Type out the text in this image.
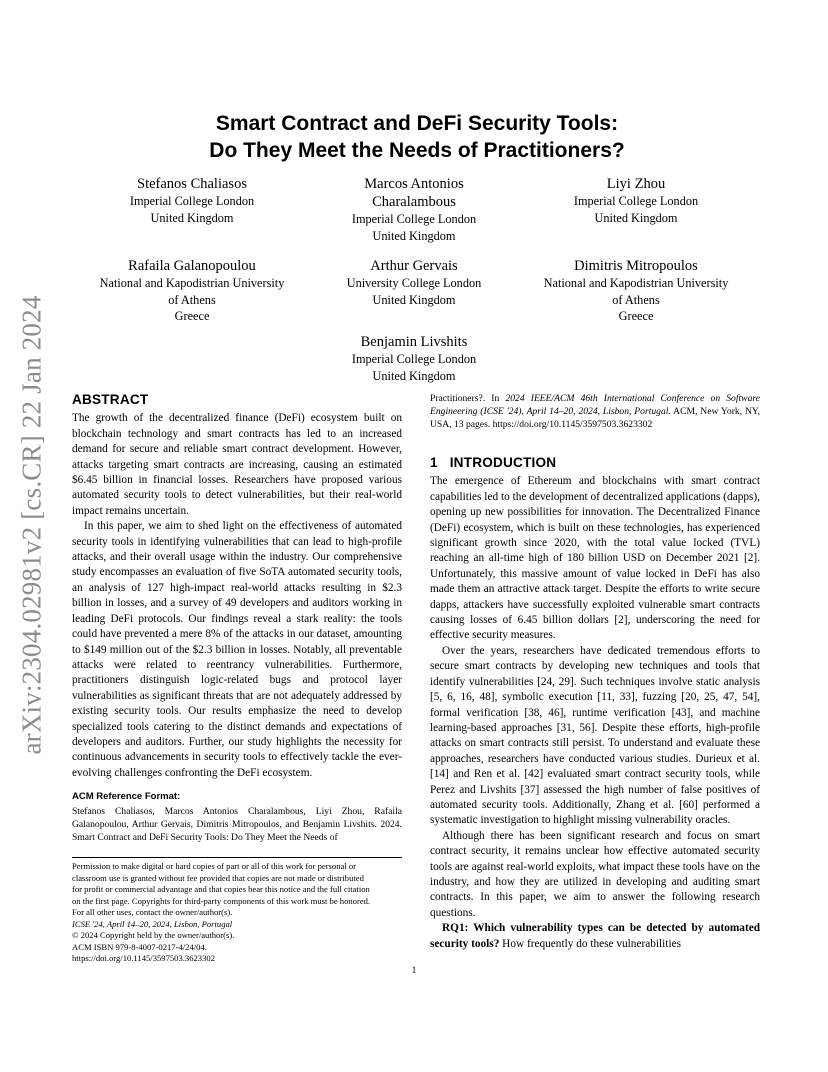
arXiv:2304.02981v2 [cs.CR] 22 Jan 2024
Smart Contract and DeFi Security Tools:
Do They Meet the Needs of Practitioners?
Stefanos Chaliasos
Imperial College London
United Kingdom
Marcos Antonios
Charalambous
Imperial College London
United Kingdom
Liyi Zhou
Imperial College London
United Kingdom
Rafaila Galanopoulou
National and Kapodistrian University
of Athens
Greece
Arthur Gervais
University College London
United Kingdom
Dimitris Mitropoulos
National and Kapodistrian University
of Athens
Greece
Benjamin Livshits
Imperial College London
United Kingdom
ABSTRACT

The growth of the decentralized finance (DeFi) ecosystem built on blockchain technology and smart contracts has led to an increased demand for secure and reliable smart contract development. However, attacks targeting smart contracts are increasing, causing an estimated $6.45 billion in financial losses. Researchers have proposed various automated security tools to detect vulnerabilities, but their real-world impact remains uncertain.

In this paper, we aim to shed light on the effectiveness of automated security tools in identifying vulnerabilities that can lead to high-profile attacks, and their overall usage within the industry. Our comprehensive study encompasses an evaluation of five SoTA automated security tools, an analysis of 127 high-impact real-world attacks resulting in $2.3 billion in losses, and a survey of 49 developers and auditors working in leading DeFi protocols. Our findings reveal a stark reality: the tools could have prevented a mere 8% of the attacks in our dataset, amounting to $149 million out of the $2.3 billion in losses. Notably, all preventable attacks were related to reentrancy vulnerabilities. Furthermore, practitioners distinguish logic-related bugs and protocol layer vulnerabilities as significant threats that are not adequately addressed by existing security tools. Our results emphasize the need to develop specialized tools catering to the distinct demands and expectations of developers and auditors. Further, our study highlights the necessity for continuous advancements in security tools to effectively tackle the ever-evolving challenges confronting the DeFi ecosystem.

ACM Reference Format:

Stefanos Chaliasos, Marcos Antonios Charalambous, Liyi Zhou, Rafaila Galanopoulou, Arthur Gervais, Dimitris Mitropoulos, and Benjamin Livshits. 2024. Smart Contract and DeFi Security Tools: Do They Meet the Needs of

Permission to make digital or hard copies of part or all of this work for personal or
classroom use is granted without fee provided that copies are not made or distributed
for profit or commercial advantage and that copies bear this notice and the full citation
on the first page. Copyrights for third-party components of this work must be honored.
For all other uses, contact the owner/author(s).
ICSE '24, April 14–20, 2024, Lisbon, Portugal
© 2024 Copyright held by the owner/author(s).
ACM ISBN 979-8-4007-0217-4/24/04.
https://doi.org/10.1145/3597503.3623302

Practitioners?. In 2024 IEEE/ACM 46th International Conference on Software Engineering (ICSE '24), April 14–20, 2024, Lisbon, Portugal. ACM, New York, NY, USA, 13 pages. https://doi.org/10.1145/3597503.3623302

1   INTRODUCTION

The emergence of Ethereum and blockchains with smart contract capabilities led to the development of decentralized applications (dapps), opening up new possibilities for innovation. The Decentralized Finance (DeFi) ecosystem, which is built on these technologies, has experienced significant growth since 2020, with the total value locked (TVL) reaching an all-time high of 180 billion USD on December 2021 [2]. Unfortunately, this massive amount of value locked in DeFi has also made them an attractive attack target. Despite the efforts to write secure dapps, attackers have successfully exploited vulnerable smart contracts causing losses of 6.45 billion dollars [2], underscoring the need for effective security measures.

Over the years, researchers have dedicated tremendous efforts to secure smart contracts by developing new techniques and tools that identify vulnerabilities [24, 29]. Such techniques involve static analysis [5, 6, 16, 48], symbolic execution [11, 33], fuzzing [20, 25, 47, 54], formal verification [38, 46], runtime verification [43], and machine learning-based approaches [31, 56]. Despite these efforts, high-profile attacks on smart contracts still persist. To understand and evaluate these approaches, researchers have conducted various studies. Durieux et al. [14] and Ren et al. [42] evaluated smart contract security tools, while Perez and Livshits [37] assessed the high number of false positives of automated security tools. Additionally, Zhang et al. [60] performed a systematic investigation to highlight missing vulnerability oracles.

Although there has been significant research and focus on smart contract security, it remains unclear how effective automated security tools are against real-world exploits, what impact these tools have on the industry, and how they are utilized in developing and auditing smart contracts. In this paper, we aim to answer the following research questions.

RQ1: Which vulnerability types can be detected by automated security tools? How frequently do these vulnerabilities

1
